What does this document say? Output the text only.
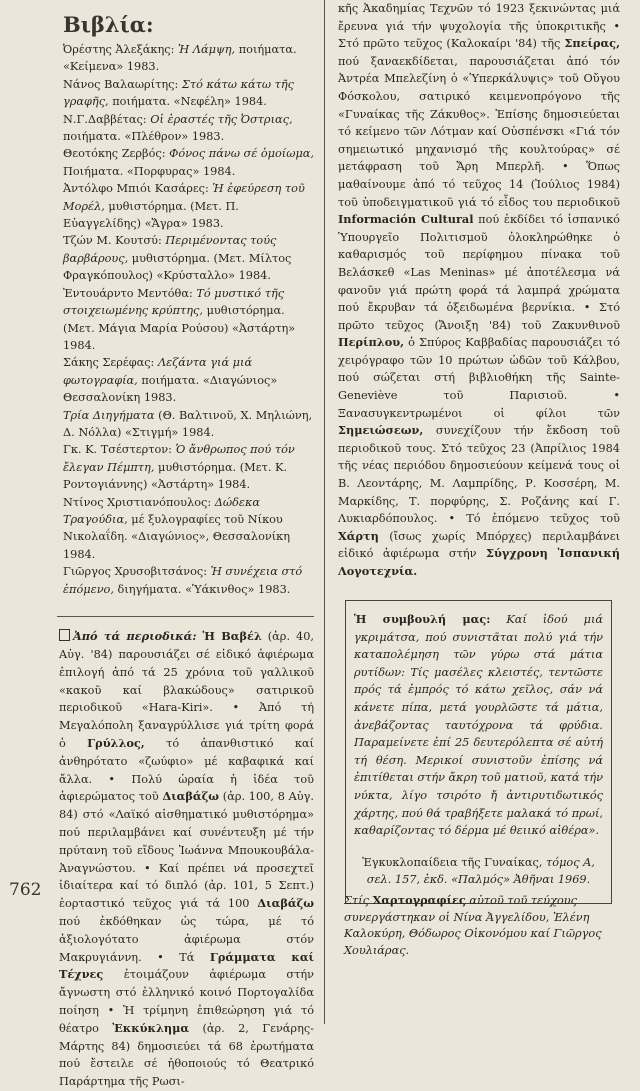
762
Βιβλία:

Ὀρέστης Ἀλεξάκης: Ἡ Λάμψη, ποιήματα. «Κείμενα» 1983.

Νάνος Βαλαωρίτης: Στό κάτω κάτω τῆς γραφῆς, ποιήματα. «Νεφέλη» 1984.

Ν.Γ.Δαββέτας: Οἱ ἐραστές τῆς Ὀστριας, ποιήματα. «Πλέθρον» 1983.

Θεοτόκης Ζερβός: Φόνος πάνω σέ ὁμοίωμα, Ποιήματα. «Πορφυρας» 1984.

Ἀντόλφο Μπιόι Κασάρες: Ἡ ἐφεύρεση τοῦ Μορέλ, μυθιστόρημα. (Μετ. Π. Εὐαγγελίδης) «Ἄγρα» 1983.

Τζών Μ. Κουτσύ: Περιμένοντας τούς βαρβάρους, μυθιστόρημα. (Μετ. Μίλτος Φραγκόπουλος) «Κρύσταλλο» 1984.

Ἐντουάρντο Μεντόθα: Τό μυστικό τῆς στοιχειωμένης κρύπτης, μυθιστόρημα. (Μετ. Μάγια Μαρία Ρούσου) «Ἀστάρτη» 1984.

Σάκης Σερέφας: Λεζάντα γιά μιά φωτογραφία, ποιήματα. «Διαγώνιος» Θεσσαλονίκη 1983.

Τρία Διηγήματα (Θ. Βαλτινοῦ, Χ. Μηλιώνη, Δ. Νόλλα) «Στιγμή» 1984.

Γκ. Κ. Τσέστερτον: Ὁ ἄνθρωπος πού τόν ἔλεγαν Πέμπτη, μυθιστόρημα. (Μετ. Κ. Ροντογιάννης) «Ἀστάρτη» 1984.

Ντίνος Χριστιανόπουλος: Δώδεκα Τραγούδια, μέ ξυλογραφίες τοῦ Νίκου Νικολαΐδη. «Διαγώνιος», Θεσσαλονίκη 1984.

Γιῶργος Χρυσοβιτσάνος: Ἡ συνέχεια στό ἐπόμενο, διηγήματα. «Ὑάκινθος» 1983.

Ἀπό τά περιοδικά: Ἡ Βαβέλ (ἀρ. 40, Αὐγ. '84) παρουσιάζει σέ εἰδικό ἀφιέρωμα ἐπιλογή ἀπό τά 25 χρόνια τοῦ γαλλικοῦ «κακοῦ καί βλακώδους» σατιρικοῦ περιοδικοῦ «Hara-Kiri». • Ἀπό τή Μεγαλόπολη ξαναγρύλλισε γιά τρίτη φορά ὁ Γρύλλος, τό ἀπανθιστικό καί ἀνθηρότατο «ζωύφιο» μέ καβαφικά καί ἄλλα. • Πολύ ὡραία ἡ ἰδέα τοῦ ἀφιερώματος τοῦ Διαβάζω (ἀρ. 100, 8 Αὐγ. 84) στό «Λαϊκό αἰσθηματικό μυθιστόρημα» πού περιλαμβάνει καί συνέντευξη μέ τήν πρύτανη τοῦ εἴδους Ἰωάννα Μπουκουβάλα-Ἀναγνώστου. • Καί πρέπει νά προσεχτεῖ ἰδιαίτερα καί τό διπλό (ἀρ. 101, 5 Σεπτ.) ἑορταστικό τεῦχος γιά τά 100 Διαβάζω πού ἐκδόθηκαν ὡς τώρα, μέ τό ἀξιολογότατο ἀφιέρωμα στόν Μακρυγιάννη. • Τά Γράμματα καί Τέχνες ἑτοιμάζουν ἀφιέρωμα στήν ἄγνωστη στό ἑλληνικό κοινό Πορτογαλίδα ποίηση • Ἡ τρίμηνη ἐπιθεώρηση γιά τό θέατρο Ἐκκύκλημα (ἀρ. 2, Γενάρης-Μάρτης 84) δημοσιεύει τά 68 ἐρωτήματα πού ἔστειλε σέ ἠθοποιούς τό Θεατρικό Παράρτημα τῆς Ρωσι-

κῆς Ἀκαδημίας Τεχνῶν τό 1923 ξεκινώντας μιά ἔρευνα γιά τήν ψυχολογία τῆς ὑποκριτικῆς • Στό πρῶτο τεῦχος (Καλοκαίρι '84) τῆς Σπείρας, πού ξαναεκδίδεται, παρουσιάζεται ἀπό τόν Ἀντρέα Μπελεζίνη ὁ «Ὑπερκάλυψις» τοῦ Οὔγου Φόσκολου, σατιρικό κειμενοπρόγονο τῆς «Γυναίκας τῆς Ζάκυθος». Ἐπίσης δημοσιεύεται τό κείμενο τῶν Λότμαν καί Οὐσπένσκι «Γιά τόν σημειωτικό μηχανισμό τῆς κουλτούρας» σέ μετάφραση τοῦ Ἄρη Μπερλῆ. • Ὅπως μαθαίνουμε ἀπό τό τεῦχος 14 (Ἰούλιος 1984) τοῦ ὑποδειγματικοῦ γιά τό εἶδος του περιοδικοῦ Información Cultural πού ἐκδίδει τό ἰσπανικό Ὑπουργεῖο Πολιτισμοῦ ὁλοκληρώθηκε ὁ καθαρισμός τοῦ περίφημου πίνακα τοῦ Βελάσκεθ «Las Meninas» μέ ἀποτέλεσμα νά φανοῦν γιά πρώτη φορά τά λαμπρά χρώματα πού ἔκρυβαν τά ὀξειδωμένα βερνίκια. • Στό πρῶτο τεῦχος (Ἄνοιξη '84) τοῦ Ζακυνθινοῦ Περίπλου, ὁ Σπύρος Καββαδίας παρουσιάζει τό χειρόγραφο τῶν 10 πρώτων ὠδῶν τοῦ Κάλβου, πού σώζεται στή βιβλιοθήκη τῆς Sainte-Geneviève τοῦ Παρισιοῦ. • Ξανασυγκεντρωμένοι οἱ φίλοι τῶν Σημειώσεων, συνεχίζουν τήν ἔκδοση τοῦ περιοδικοῦ τους. Στό τεῦχος 23 (Ἀπρίλιος 1984 τῆς νέας περιόδου δημοσιεύουν κείμενά τους οἱ Β. Λεοντάρης, Μ. Λαμπρίδης, Ρ. Κοσσέρη, Μ. Μαρκίδης, Τ. πορφύρης, Σ. Ροζάνης καί Γ. Λυκιαρδόπουλος. • Τό ἑπόμενο τεῦχος τοῦ Χάρτη (ἴσως χωρίς Μπόρχες) περιλαμβάνει εἰδικό ἀφιέρωμα στήν Σύγχρονη Ἰσπανική Λογοτεχνία.

Ἡ συμβουλή μας: Καί ἰδού μιά γκριμάτσα, πού συνιστᾶται πολύ γιά τήν καταπολέμηση τῶν γύρω στά μάτια ρυτίδων: Τίς μασέλες κλειστές, τεντῶστε πρός τά ἐμπρός τό κάτω χεῖλος, σάν νά κάνετε πίπα, μετά γουρλῶστε τά μάτια, ἀνεβάζοντας ταυτόχρονα τά φρύδια. Παραμείνετε ἐπί 25 δευτερόλεπτα σέ αὐτή τή θέση. Μερικοί συνιστοῦν ἐπίσης νά ἐπιτίθεται στήν ἄκρη τοῦ ματιοῦ, κατά τήν νύκτα, λίγο τσιρότο ἤ ἀντιρυτιδωτικός χάρτης, πού θά τραβήξετε μαλακά τό πρωί, καθαρίζοντας τό δέρμα μέ θειικό αἰθέρα».
Ἐγκυκλοπαίδεια τῆς Γυναίκας, τόμος Α, σελ. 157, ἐκδ. «Παλμός» Ἀθῆναι 1969.
Στίς Χαρτογραφίες αὐτοῦ τοῦ τεύχους συνεργάστηκαν οἱ Νίνα Ἀγγελίδου, Ἐλένη Καλοκύρη, Θόδωρος Οἰκονόμου καί Γιῶργος Χουλιάρας.
